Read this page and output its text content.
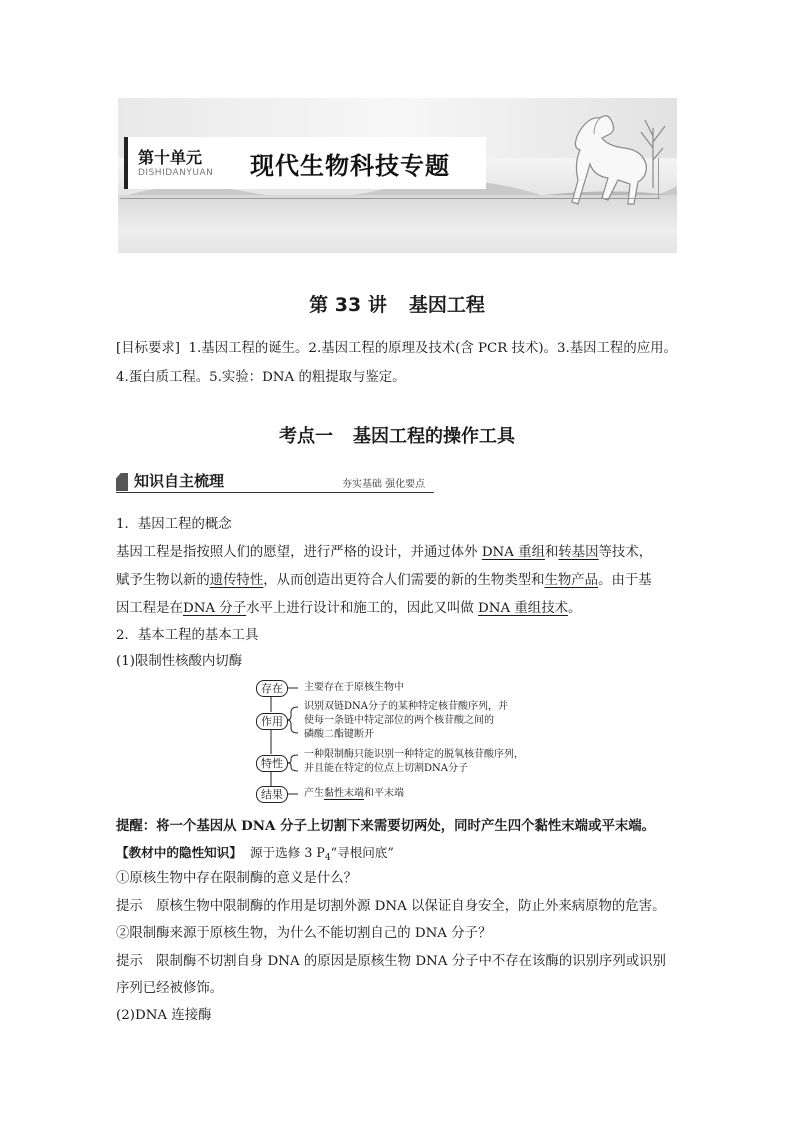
第十单元
DISHIDANYUAN 现代生物科技专题
第 33 讲 基因工程
[目标要求] 1.基因工程的诞生。2.基因工程的原理及技术(含 PCR 技术)。3.基因工程的应用。
4.蛋白质工程。5.实验：DNA 的粗提取与鉴定。
考点一 基因工程的操作工具
知识自主梳理	夯实基础 强化要点
1．基因工程的概念
基因工程是指按照人们的愿望，进行严格的设计，并通过体外 DNA 重组和转基因等技术，
赋予生物以新的遗传特性，从而创造出更符合人们需要的新的生物类型和生物产品。由于基
因工程是在DNA 分子水平上进行设计和施工的，因此又叫做 DNA 重组技术。
2．基本工程的基本工具
(1)限制性核酸内切酶
存在
作用
特性
结果
主要存在于原核生物中
识别双链DNA分子的某种特定核苷酸序列，并
使每一条链中特定部位的两个核苷酸之间的
磷酸二酯键断开
一种限制酶只能识别一种特定的脱氧核苷酸序列，
并且能在特定的位点上切割DNA分子
产生黏性末端和平末端
提醒：将一个基因从 DNA 分子上切割下来需要切两处，同时产生四个黏性末端或平末端。
【教材中的隐性知识】 源于选修 3 $P_4“$寻根问底”
①原核生物中存在限制酶的意义是什么？
提示　原核生物中限制酶的作用是切割外源 DNA 以保证自身安全，防止外来病原物的危害。
②限制酶来源于原核生物，为什么不能切割自己的 DNA 分子？
提示　限制酶不切割自身 DNA 的原因是原核生物 DNA 分子中不存在该酶的识别序列或识别
序列已经被修饰。
(2)DNA 连接酶
